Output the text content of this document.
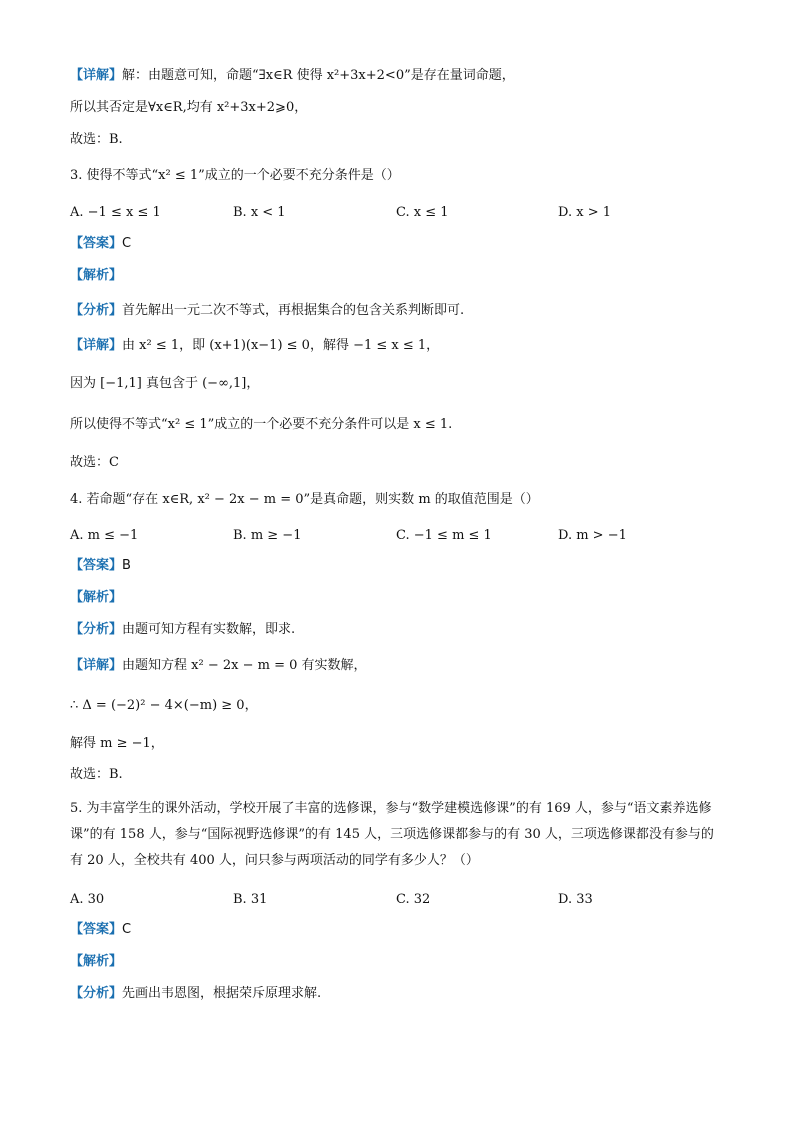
【详解】解：由题意可知，命题“∃x∈R 使得 x²+3x+2<0”是存在量词命题，
所以其否定是∀x∈R,均有 x²+3x+2⩾0，
故选：B.
3. 使得不等式“x² ≤ 1”成立的一个必要不充分条件是（）
A. −1 ≤ x ≤ 1	B. x < 1	C. x ≤ 1	D. x > 1
【答案】C
【解析】
【分析】首先解出一元二次不等式，再根据集合的包含关系判断即可.
【详解】由 x² ≤ 1，即 (x+1)(x−1) ≤ 0，解得 −1 ≤ x ≤ 1，
因为 [−1,1] 真包含于 (−∞,1]，
所以使得不等式“x² ≤ 1”成立的一个必要不充分条件可以是 x ≤ 1.
故选：C
4. 若命题“存在 x∈R, x² − 2x − m = 0”是真命题，则实数 m 的取值范围是（）
A. m ≤ −1	B. m ≥ −1	C. −1 ≤ m ≤ 1	D. m > −1
【答案】B
【解析】
【分析】由题可知方程有实数解，即求.
【详解】由题知方程 x² − 2x − m = 0 有实数解，
∴ Δ = (−2)² − 4×(−m) ≥ 0，
解得 m ≥ −1，
故选：B.
5. 为丰富学生的课外活动，学校开展了丰富的选修课，参与“数学建模选修课”的有 169 人，参与“语文素养选修课”的有 158 人，参与“国际视野选修课”的有 145 人，三项选修课都参与的有 30 人，三项选修课都没有参与的有 20 人，全校共有 400 人，问只参与两项活动的同学有多少人？（）
A. 30	B. 31	C. 32	D. 33
【答案】C
【解析】
【分析】先画出韦恩图，根据荣斥原理求解.
